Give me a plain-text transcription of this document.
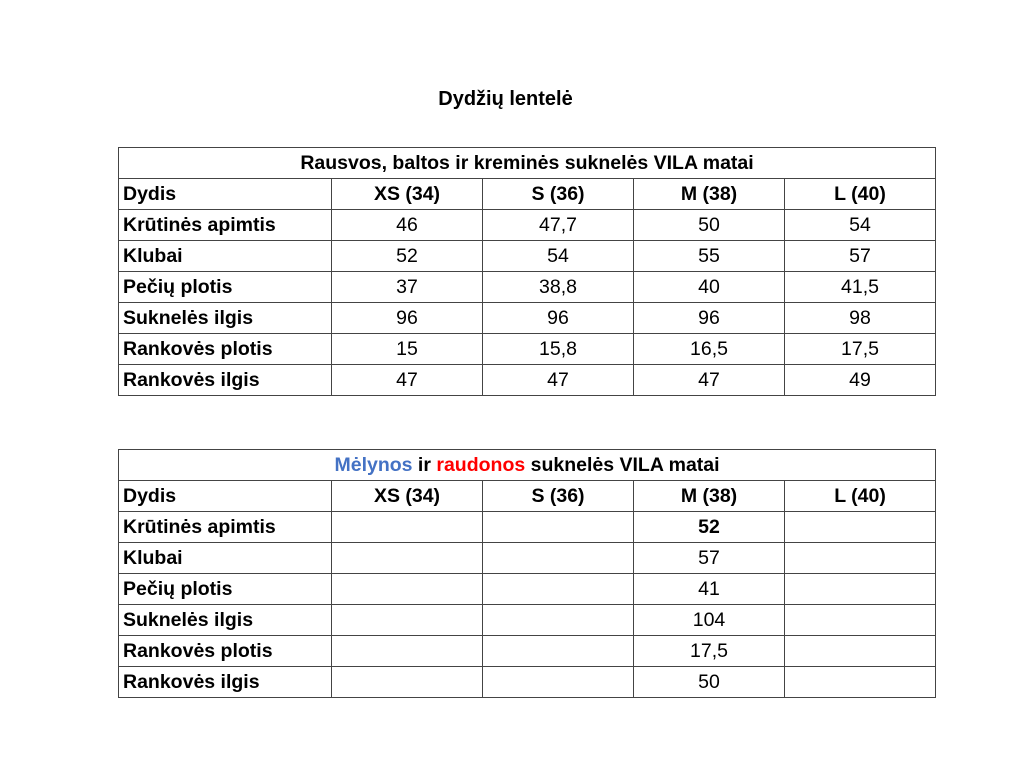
Dydžių lentelė
Rausvos, baltos ir kreminės suknelės VILA matai				
Dydis	XS (34)	S (36)	M (38)	L (40)
Krūtinės apimtis	46	47,7	50	54
Klubai	52	54	55	57
Pečių plotis	37	38,8	40	41,5
Suknelės ilgis	96	96	96	98
Rankovės plotis	15	15,8	16,5	17,5
Rankovės ilgis	47	47	47	49
Mėlynos ir raudonos suknelės VILA matai				
Dydis	XS (34)	S (36)	M (38)	L (40)
Krūtinės apimtis			52	
Klubai			57	
Pečių plotis			41	
Suknelės ilgis			104	
Rankovės plotis			17,5	
Rankovės ilgis			50	
